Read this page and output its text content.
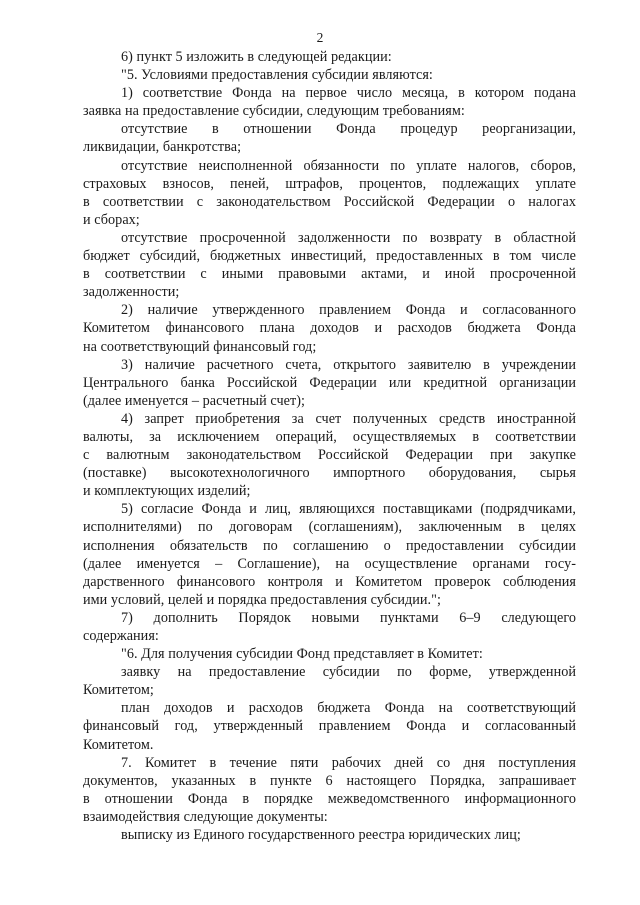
2
6) пункт 5 изложить в следующей редакции:
"5. Условиями предоставления субсидии являются:
1) соответствие Фонда на первое число месяца, в котором подана
заявка на предоставление субсидии, следующим требованиям:
отсутствие в отношении Фонда процедур реорганизации,
ликвидации, банкротства;
отсутствие неисполненной обязанности по уплате налогов, сборов,
страховых взносов, пеней, штрафов, процентов, подлежащих уплате
в соответствии с законодательством Российской Федерации о налогах
и сборах;
отсутствие просроченной задолженности по возврату в областной
бюджет субсидий, бюджетных инвестиций, предоставленных в том числе
в соответствии с иными правовыми актами, и иной просроченной
задолженности;
2) наличие утвержденного правлением Фонда и согласованного
Комитетом финансового плана доходов и расходов бюджета Фонда
на соответствующий финансовый год;
3) наличие расчетного счета, открытого заявителю в учреждении
Центрального банка Российской Федерации или кредитной организации
(далее именуется – расчетный счет);
4) запрет приобретения за счет полученных средств иностранной
валюты, за исключением операций, осуществляемых в соответствии
с валютным законодательством Российской Федерации при закупке
(поставке) высокотехнологичного импортного оборудования, сырья
и комплектующих изделий;
5) согласие Фонда и лиц, являющихся поставщиками (подрядчиками,
исполнителями) по договорам (соглашениям), заключенным в целях
исполнения обязательств по соглашению о предоставлении субсидии
(далее именуется – Соглашение), на осуществление органами госу-
дарственного финансового контроля и Комитетом проверок соблюдения
ими условий, целей и порядка предоставления субсидии.";
7) дополнить Порядок новыми пунктами 6–9 следующего
содержания:
"6. Для получения субсидии Фонд представляет в Комитет:
заявку на предоставление субсидии по форме, утвержденной
Комитетом;
план доходов и расходов бюджета Фонда на соответствующий
финансовый год, утвержденный правлением Фонда и согласованный
Комитетом.
7. Комитет в течение пяти рабочих дней со дня поступления
документов, указанных в пункте 6 настоящего Порядка, запрашивает
в отношении Фонда в порядке межведомственного информационного
взаимодействия следующие документы:
выписку из Единого государственного реестра юридических лиц;
